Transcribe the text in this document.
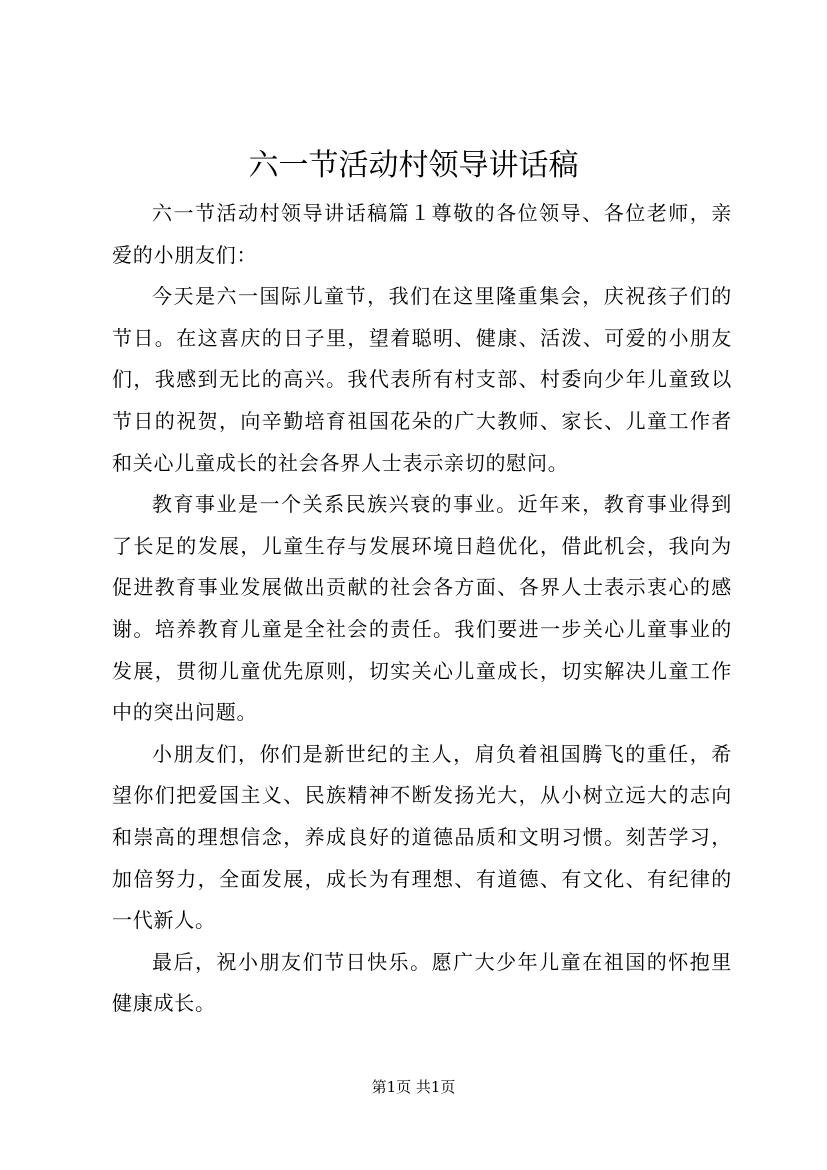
六一节活动村领导讲话稿

六一节活动村领导讲话稿篇１尊敬的各位领导、各位老师，亲爱的小朋友们：

今天是六一国际儿童节，我们在这里隆重集会，庆祝孩子们的节日。在这喜庆的日子里，望着聪明、健康、活泼、可爱的小朋友们，我感到无比的高兴。我代表所有村支部、村委向少年儿童致以节日的祝贺，向辛勤培育祖国花朵的广大教师、家长、儿童工作者和关心儿童成长的社会各界人士表示亲切的慰问。

教育事业是一个关系民族兴衰的事业。近年来，教育事业得到了长足的发展，儿童生存与发展环境日趋优化，借此机会，我向为促进教育事业发展做出贡献的社会各方面、各界人士表示衷心的感谢。培养教育儿童是全社会的责任。我们要进一步关心儿童事业的发展，贯彻儿童优先原则，切实关心儿童成长，切实解决儿童工作中的突出问题。

小朋友们，你们是新世纪的主人，肩负着祖国腾飞的重任，希望你们把爱国主义、民族精神不断发扬光大，从小树立远大的志向和崇高的理想信念，养成良好的道德品质和文明习惯。刻苦学习，加倍努力，全面发展，成长为有理想、有道德、有文化、有纪律的一代新人。

最后，祝小朋友们节日快乐。愿广大少年儿童在祖国的怀抱里健康成长。

第1页 共1页
